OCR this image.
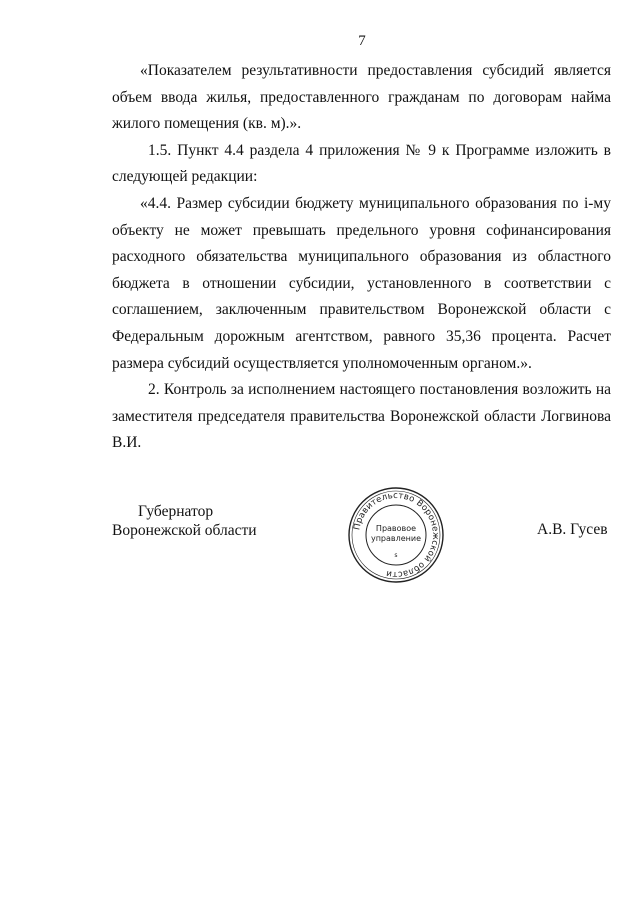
7

«Показателем результативности предоставления субсидий является объем ввода жилья, предоставленного гражданам по договорам найма жилого помещения (кв. м).».

1.5. Пункт 4.4 раздела 4 приложения № 9 к Программе изложить в следующей редакции:

«4.4. Размер субсидии бюджету муниципального образования по i-му объекту не может превышать предельного уровня софинансирования расходного обязательства муниципального образования из областного бюджета в отношении субсидии, установленного в соответствии с соглашением, заключенным правительством Воронежской области с Федеральным дорожным агентством, равного 35,36 процента. Расчет размера субсидий осуществляется уполномоченным органом.».

2. Контроль за исполнением настоящего постановления возложить на заместителя председателя правительства Воронежской области Логвинова В.И.

Губернатор
Воронежской области	Правительство Воронежской области
Правовое
управление
s
А.В. Гусев
